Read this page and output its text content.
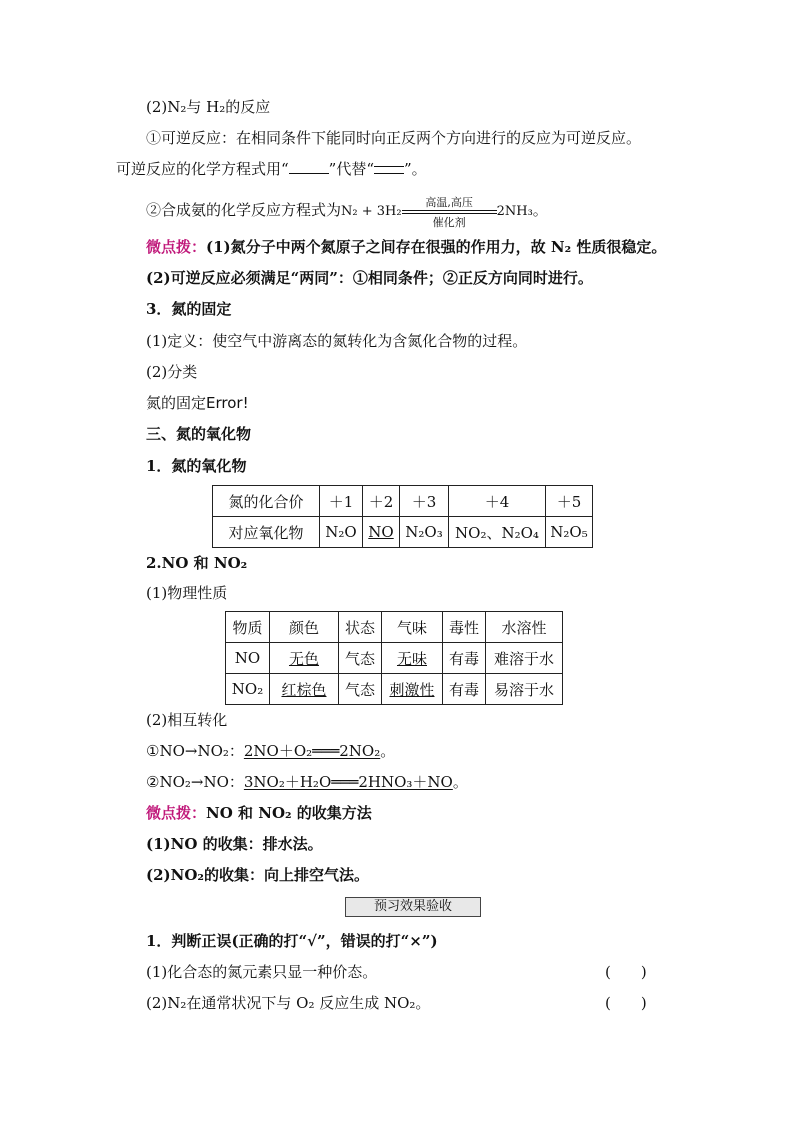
(2)N₂与 H₂的反应
①可逆反应：在相同条件下能同时向正反两个方向进行的反应为可逆反应。
可逆反应的化学方程式用“	”代替“ ”。
②合成氨的化学反应方程式为N₂ + 3H₂
高温,高压
催化剂
2NH₃。
微点拨：(1)氮分子中两个氮原子之间存在很强的作用力，故 N₂ 性质很稳定。
(2)可逆反应必须满足“两同”：①相同条件；②正反方向同时进行。
3．氮的固定
(1)定义：使空气中游离态的氮转化为含氮化合物的过程。
(2)分类
氮的固定Error!
三、氮的氧化物
1．氮的氧化物
氮的化合价	＋1	＋2	＋3	＋4	＋5
对应氧化物	N₂O	NO	N₂O₃	NO₂、N₂O₄	N₂O₅
2.NO 和 NO₂
(1)物理性质
物质	颜色	状态	气味	毒性	水溶性
NO	无色	气态	无味	有毒	难溶于水
NO₂	红棕色	气态	刺激性	有毒	易溶于水
(2)相互转化
①NO→NO₂：2NO＋O₂═══2NO₂。
②NO₂→NO：3NO₂＋H₂O═══2HNO₃＋NO。
微点拨：NO 和 NO₂ 的收集方法
(1)NO 的收集：排水法。
(2)NO₂的收集：向上排空气法。
预习效果验收
1．判断正误(正确的打“√”，错误的打“×”)
(1)化合态的氮元素只显一种价态。	(　　)
(2)N₂在通常状况下与 O₂ 反应生成 NO₂。	(　　)
